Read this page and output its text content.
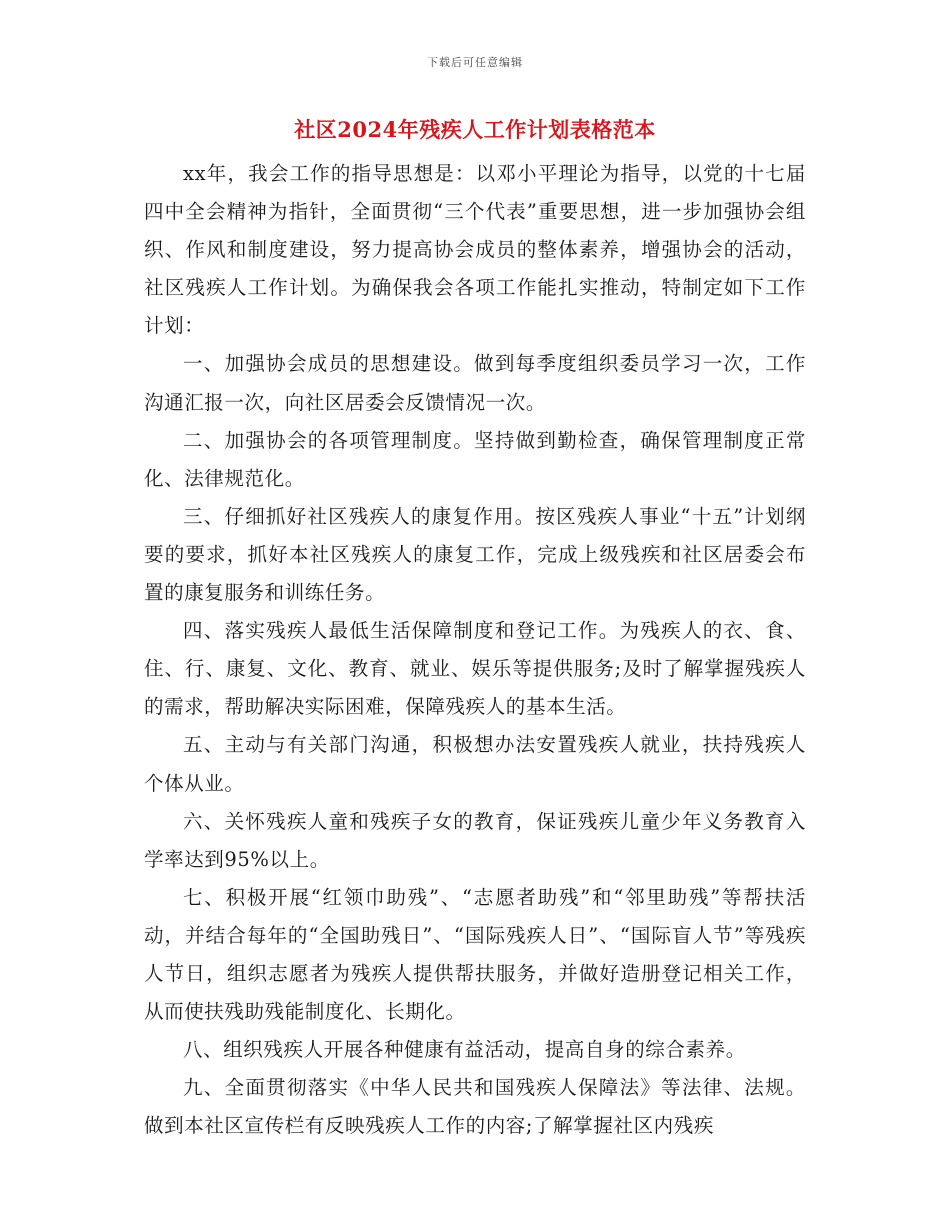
下载后可任意编辑
社区2024年残疾人工作计划表格范本

xx年，我会工作的指导思想是：以邓小平理论为指导，以党的十七届四中全会精神为指针，全面贯彻“三个代表”重要思想，进一步加强协会组织、作风和制度建设，努力提高协会成员的整体素养，增强协会的活动，社区残疾人工作计划。为确保我会各项工作能扎实推动，特制定如下工作计划：

一、加强协会成员的思想建设。做到每季度组织委员学习一次，工作沟通汇报一次，向社区居委会反馈情况一次。

二、加强协会的各项管理制度。坚持做到勤检查，确保管理制度正常化、法律规范化。

三、仔细抓好社区残疾人的康复作用。按区残疾人事业“十五”计划纲要的要求，抓好本社区残疾人的康复工作，完成上级残疾和社区居委会布置的康复服务和训练任务。

四、落实残疾人最低生活保障制度和登记工作。为残疾人的衣、食、住、行、康复、文化、教育、就业、娱乐等提供服务;及时了解掌握残疾人的需求，帮助解决实际困难，保障残疾人的基本生活。

五、主动与有关部门沟通，积极想办法安置残疾人就业，扶持残疾人个体从业。

六、关怀残疾人童和残疾子女的教育，保证残疾儿童少年义务教育入学率达到95%以上。

七、积极开展“红领巾助残”、“志愿者助残”和“邻里助残”等帮扶活动，并结合每年的“全国助残日”、“国际残疾人日”、“国际盲人节”等残疾人节日，组织志愿者为残疾人提供帮扶服务，并做好造册登记相关工作，从而使扶残助残能制度化、长期化。

八、组织残疾人开展各种健康有益活动，提高自身的综合素养。

九、全面贯彻落实《中华人民共和国残疾人保障法》等法律、法规。做到本社区宣传栏有反映残疾人工作的内容;了解掌握社区内残疾
